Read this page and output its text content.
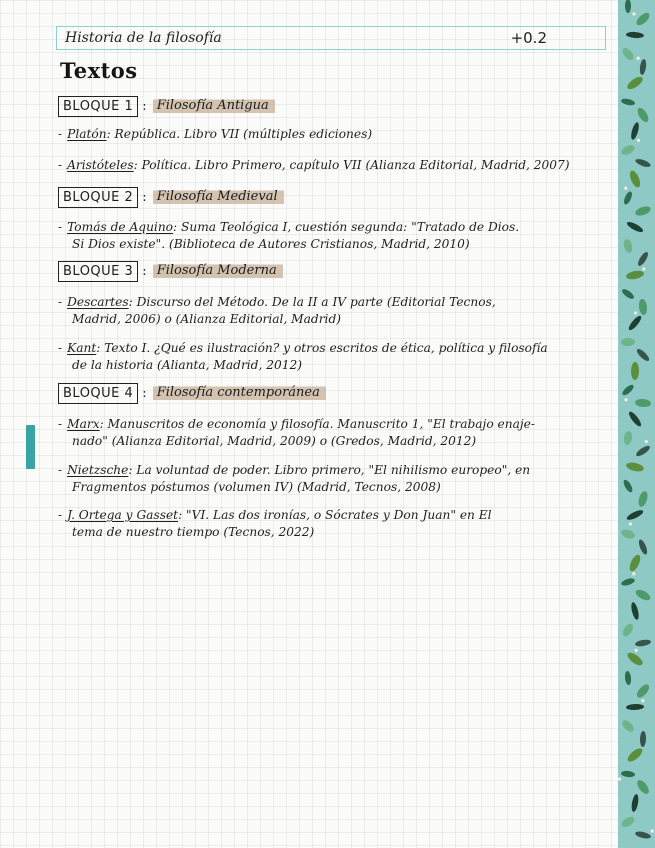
Historia de la filosofía	+0.2
Textos
BLOQUE 1 : Filosofía Antigua
- Platón: República. Libro VII (múltiples ediciones)
- Aristóteles: Política. Libro Primero, capítulo VII (Alianza Editorial, Madrid, 2007)
BLOQUE 2 : Filosofía Medieval
- Tomás de Aquino: Suma Teológica I, cuestión segunda: "Tratado de Dios.
Si Dios existe". (Biblioteca de Autores Cristianos, Madrid, 2010)
BLOQUE 3 : Filosofía Moderna
- Descartes: Discurso del Método. De la II a IV parte (Editorial Tecnos,
Madrid, 2006) o (Alianza Editorial, Madrid)
- Kant: Texto I. ¿Qué es ilustración? y otros escritos de ética, política y filosofía
de la historia (Alianta, Madrid, 2012)
BLOQUE 4 : Filosofía contemporánea
- Marx: Manuscritos de economía y filosofía. Manuscrito 1, "El trabajo enaje-
nado" (Alianza Editorial, Madrid, 2009) o (Gredos, Madrid, 2012)
- Nietzsche: La voluntad de poder. Libro primero, "El nihilismo europeo", en
Fragmentos póstumos (volumen IV) (Madrid, Tecnos, 2008)
- J. Ortega y Gasset: "VI. Las dos ironías, o Sócrates y Don Juan" en El
tema de nuestro tiempo (Tecnos, 2022)
